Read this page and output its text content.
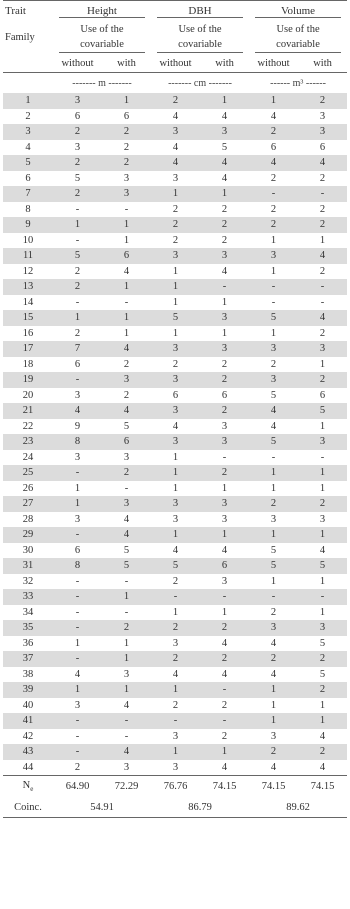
Trait	Height		DBH		Volume	

Family	Use of the covariable		Use of the covariable		Use of the covariable	

	without	with	without	with	without	with
	------- m -------		------- cm -------		------ m³ ------	
1	3	1	2	1	1	2
2	6	6	4	4	4	3
3	2	2	3	3	2	3
4	3	2	4	5	6	6
5	2	2	4	4	4	4
6	5	3	3	4	2	2
7	2	3	1	1	-	-
8	-	-	2	2	2	2
9	1	1	2	2	2	2
10	-	1	2	2	1	1
11	5	6	3	3	3	4
12	2	4	1	4	1	2
13	2	1	1	-	-	-
14	-	-	1	1	-	-
15	1	1	5	3	5	4
16	2	1	1	1	1	2
17	7	4	3	3	3	3
18	6	2	2	2	2	1
19	-	3	3	2	3	2
20	3	2	6	6	5	6
21	4	4	3	2	4	5
22	9	5	4	3	4	1
23	8	6	3	3	5	3
24	3	3	1	-	-	-
25	-	2	1	2	1	1
26	1	-	1	1	1	1
27	1	3	3	3	2	2
28	3	4	3	3	3	3
29	-	4	1	1	1	1
30	6	5	4	4	5	4
31	8	5	5	6	5	5
32	-	-	2	3	1	1
33	-	1	-	-	-	-
34	-	-	1	1	2	1
35	-	2	2	2	3	3
36	1	1	3	4	4	5
37	-	1	2	2	2	2
38	4	3	4	4	4	5
39	1	1	1	-	1	2
40	3	4	2	2	1	1
41	-	-	-	-	1	1
42	-	-	3	2	3	4
43	-	4	1	1	2	2
44	2	3	3	4	4	4
$N_e$	64.90	72.29	76.76	74.15	74.15	74.15
Coinc.	54.91		86.79		89.62	
